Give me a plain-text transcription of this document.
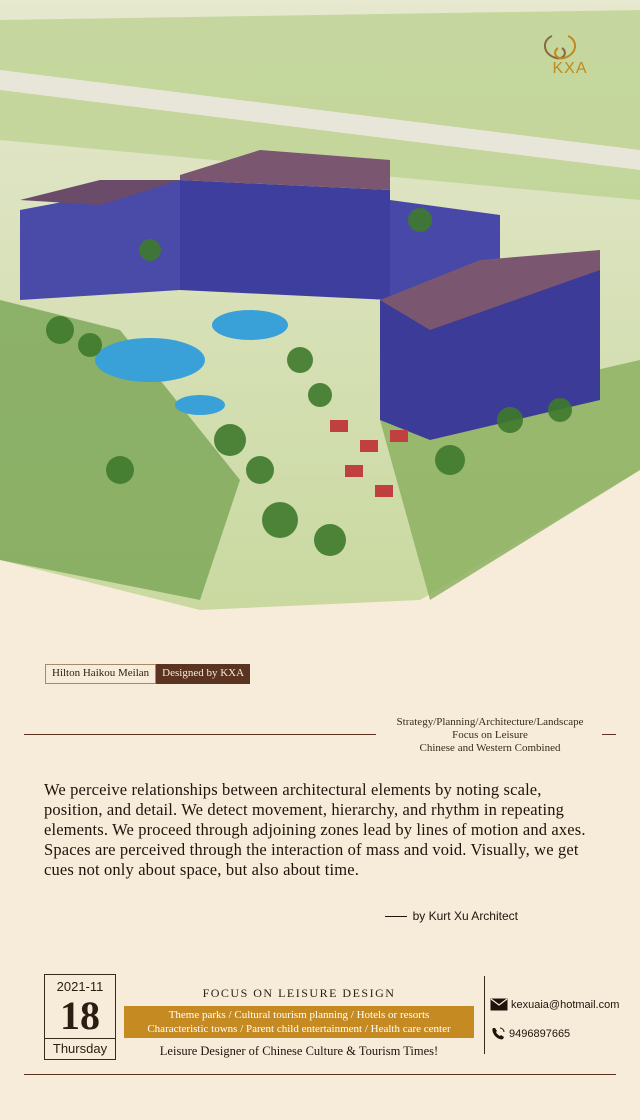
KXA
Hilton Haikou Meilan	Designed by KXA
Strategy/Planning/Architecture/Landscape
Focus on Leisure
Chinese and Western Combined
We perceive relationships between architectural elements by noting scale, position, and detail. We detect movement, hierarchy, and rhythm in repeating elements. We proceed through adjoining zones lead by lines of motion and axes. Spaces are perceived through the interaction of mass and void. Visually, we get cues not only about space, but also about time.
by Kurt Xu Architect
2021-11
18
Thursday
FOCUS ON LEISURE DESIGN
Theme parks / Cultural tourism planning / Hotels or resorts
Characteristic towns / Parent child entertainment / Health care center
Leisure Designer of Chinese Culture & Tourism Times!
kexuaia@hotmail.com
9496897665
